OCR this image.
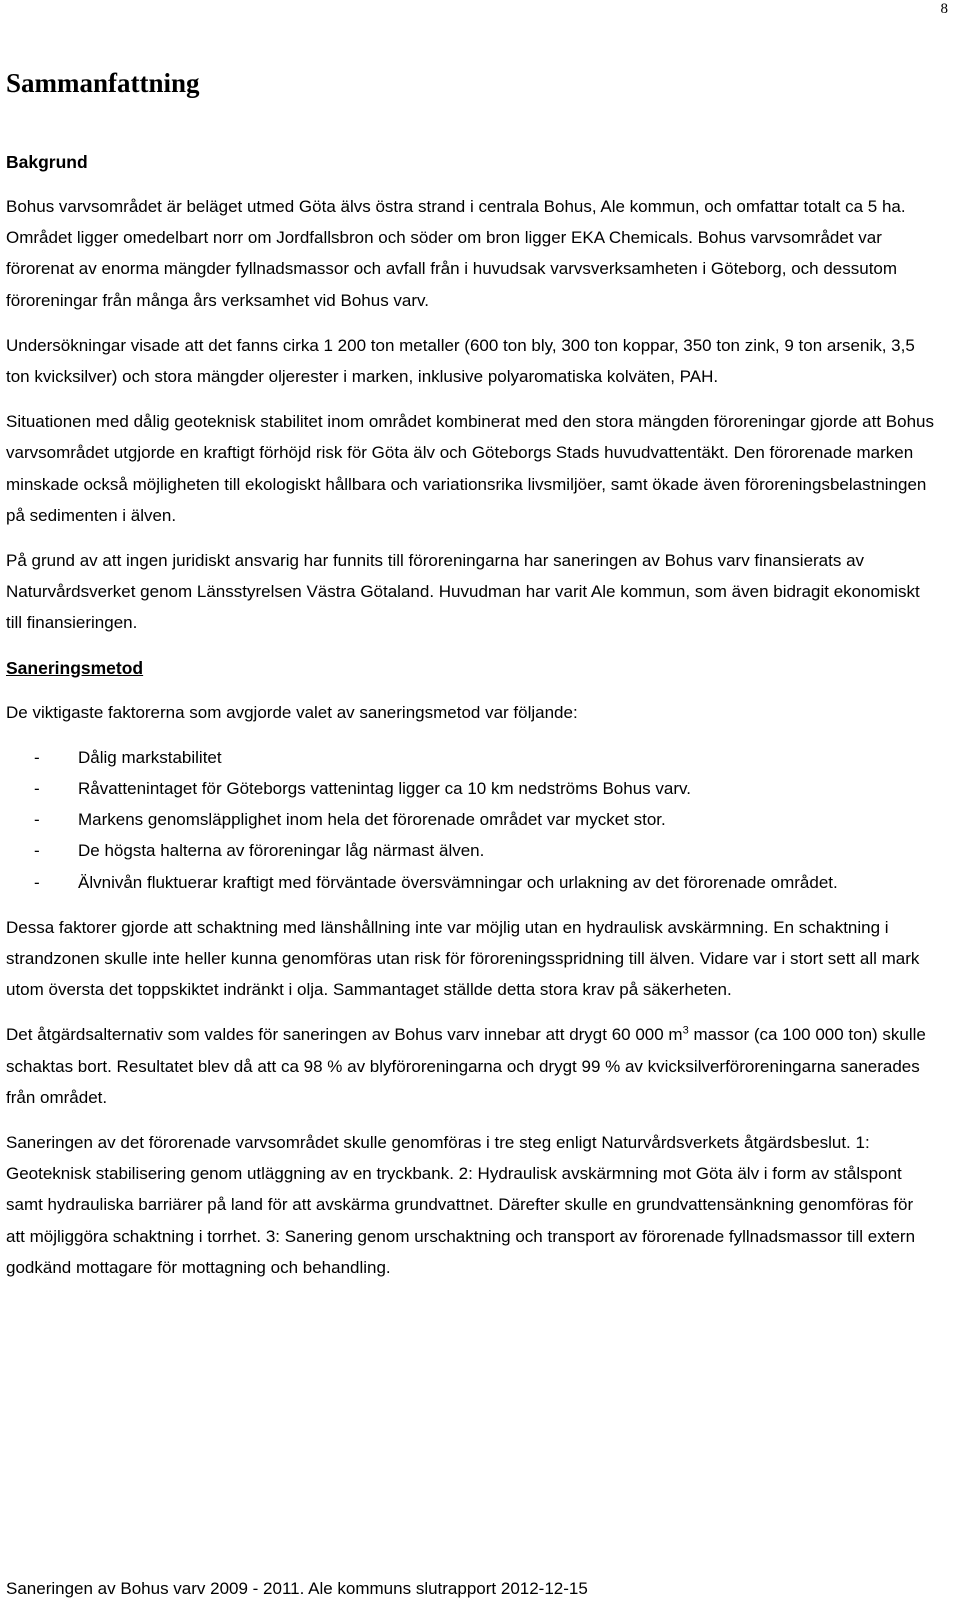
8
Sammanfattning
Bakgrund

Bohus varvsområdet är beläget utmed Göta älvs östra strand i centrala Bohus, Ale kommun, och omfattar totalt ca 5 ha. Området ligger omedelbart norr om Jordfallsbron och söder om bron ligger EKA Chemicals. Bohus varvsområdet var förorenat av enorma mängder fyllnadsmassor och avfall från i huvudsak varvsverksamheten i Göteborg, och dessutom föroreningar från många års verksamhet vid Bohus varv.

Undersökningar visade att det fanns cirka 1 200 ton metaller (600 ton bly, 300 ton koppar, 350 ton zink, 9 ton arsenik, 3,5 ton kvicksilver) och stora mängder oljerester i marken, inklusive polyaromatiska kolväten, PAH.

Situationen med dålig geoteknisk stabilitet inom området kombinerat med den stora mängden föroreningar gjorde att Bohus varvsområdet utgjorde en kraftigt förhöjd risk för Göta älv och Göteborgs Stads huvudvattentäkt. Den förorenade marken minskade också möjligheten till ekologiskt hållbara och variationsrika livsmiljöer, samt ökade även föroreningsbelastningen på sedimenten i älven.

På grund av att ingen juridiskt ansvarig har funnits till föroreningarna har saneringen av Bohus varv finansierats av Naturvårdsverket genom Länsstyrelsen Västra Götaland. Huvudman har varit Ale kommun, som även bidragit ekonomiskt till finansieringen.

Saneringsmetod

De viktigaste faktorerna som avgjorde valet av saneringsmetod var följande:

-	Dålig markstabilitet
-	Råvattenintaget för Göteborgs vattenintag ligger ca 10 km nedströms Bohus varv.
-	Markens genomsläpplighet inom hela det förorenade området var mycket stor.
-	De högsta halterna av föroreningar låg närmast älven.
-	Älvnivån fluktuerar kraftigt med förväntade översvämningar och urlakning av det förorenade området.

Dessa faktorer gjorde att schaktning med länshållning inte var möjlig utan en hydraulisk avskärmning. En schaktning i strandzonen skulle inte heller kunna genomföras utan risk för föroreningsspridning till älven. Vidare var i stort sett all mark utom översta det toppskiktet indränkt i olja. Sammantaget ställde detta stora krav på säkerheten.

Det åtgärdsalternativ som valdes för saneringen av Bohus varv innebar att drygt 60 000 $m^3$ massor (ca 100 000 ton) skulle schaktas bort. Resultatet blev då att ca 98 % av blyföroreningarna och drygt 99 % av kvicksilverföroreningarna sanerades från området.

Saneringen av det förorenade varvsområdet skulle genomföras i tre steg enligt Naturvårdsverkets åtgärdsbeslut. 1: Geoteknisk stabilisering genom utläggning av en tryckbank. 2: Hydraulisk avskärmning mot Göta älv i form av stålspont samt hydrauliska barriärer på land för att avskärma grundvattnet. Därefter skulle en grundvattensänkning genomföras för att möjliggöra schaktning i torrhet. 3: Sanering genom urschaktning och transport av förorenade fyllnadsmassor till extern godkänd mottagare för mottagning och behandling.

Saneringen av Bohus varv 2009 - 2011. Ale kommuns slutrapport 2012-12-15
